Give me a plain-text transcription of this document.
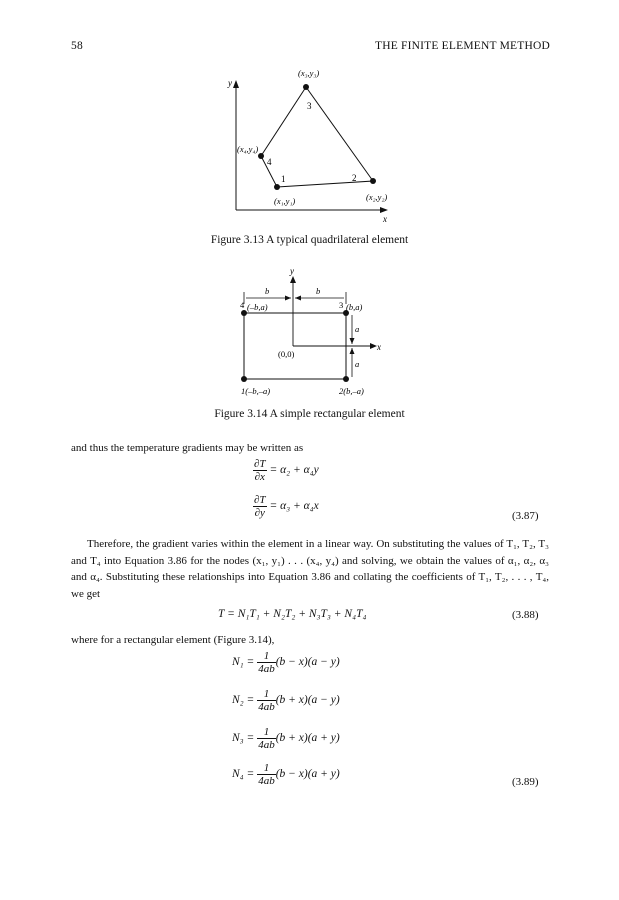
58	THE FINITE ELEMENT METHOD
y
x
1	2
3
4
(x₁,y₁)	(x₂,y₂)
(x₃,y₃)
(x₄,y₄)
Figure 3.13 A typical quadrilateral element
y
x
b	b
a
a
(0,0)
4 (–b,a)	3 (b,a)
1(–b,–a)	2(b,–a)
Figure 3.14 A simple rectangular element
and thus the temperature gradients may be written as
$\frac{\partial T}{\partial x} = \alpha_2 + \alpha_4y$
$\frac{\partial T}{\partial y} = \alpha_3 + \alpha_4x$
(3.87)
Therefore, the gradient varies within the element in a linear way. On substituting the values of T₁, T₂, T₃ and T₄ into Equation 3.86 for the nodes (x₁, y₁) . . . (x₄, y₄) and solving, we obtain the values of α₁, α₂, α₃ and α₄. Substituting these relationships into Equation 3.86 and collating the coefficients of T₁, T₂, . . . , T₄, we get
T = N₁T₁ + N₂T₂ + N₃T₃ + N₄T₄	(3.88)
where for a rectangular element (Figure 3.14),
$N_1 = \frac{1}{4ab} (b - x)(a - y)$
$N_2 = \frac{1}{4ab} (b + x)(a - y)$
$N_3 = \frac{1}{4ab} (b + x)(a + y)$
$N_4 = \frac{1}{4ab} (b - x)(a + y)$
(3.89)
